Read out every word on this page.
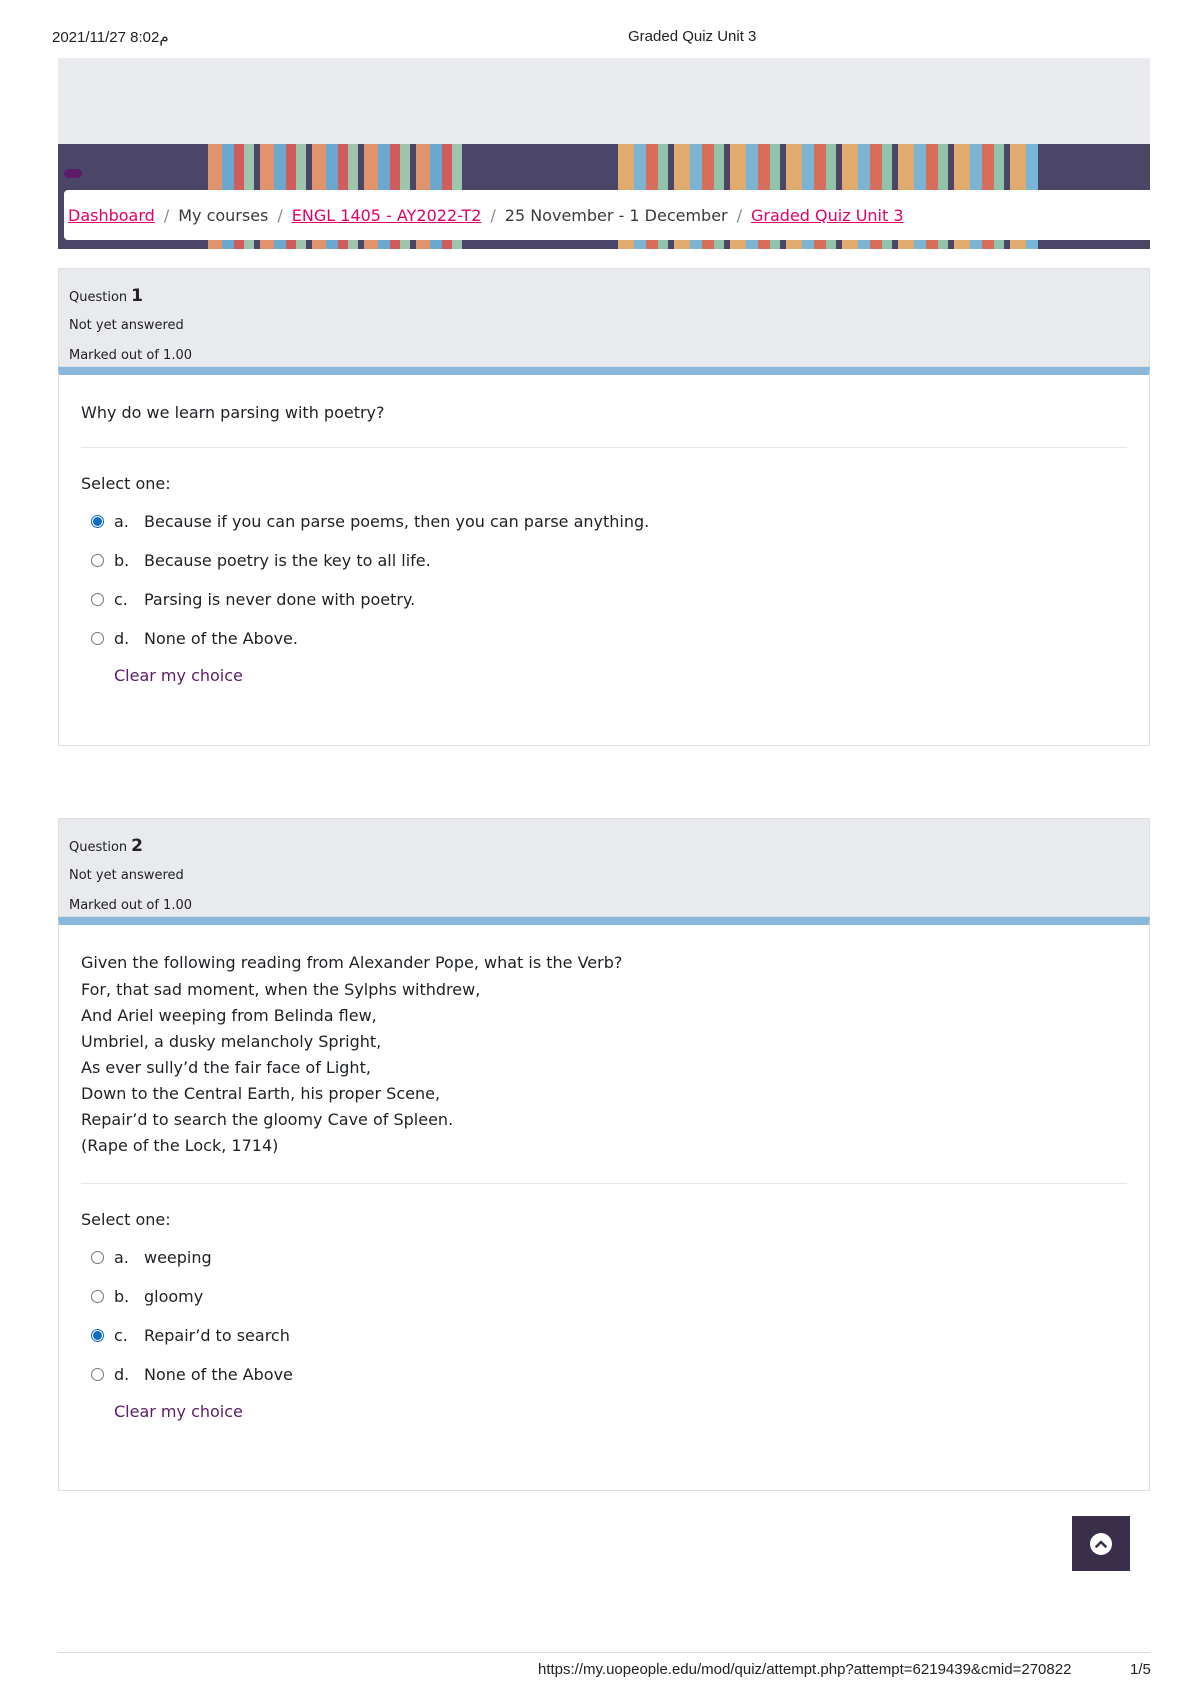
م8:02 2021/11/27	Graded Quiz Unit 3
Dashboard / My courses / ENGL 1405 - AY2022-T2 / 25 November - 1 December / Graded Quiz Unit 3
Question 1
Not yet answered
Marked out of 1.00
Why do we learn parsing with poetry?
Select one:
a. Because if you can parse poems, then you can parse anything.
b. Because poetry is the key to all life.
c.	Parsing is never done with poetry.
d. None of the Above.
Clear my choice
Question 2
Not yet answered
Marked out of 1.00
Given the following reading from Alexander Pope, what is the Verb?
For, that sad moment, when the Sylphs withdrew,
And Ariel weeping from Belinda flew,
Umbriel, a dusky melancholy Spright,
As ever sully’d the fair face of Light,
Down to the Central Earth, his proper Scene,
Repair’d to search the gloomy Cave of Spleen.
(Rape of the Lock, 1714)
Select one:
a. weeping
b. gloomy
c.	Repair’d to search
d. None of the Above
Clear my choice
https://my.uopeople.edu/mod/quiz/attempt.php?attempt=6219439&cmid=270822	1/5
